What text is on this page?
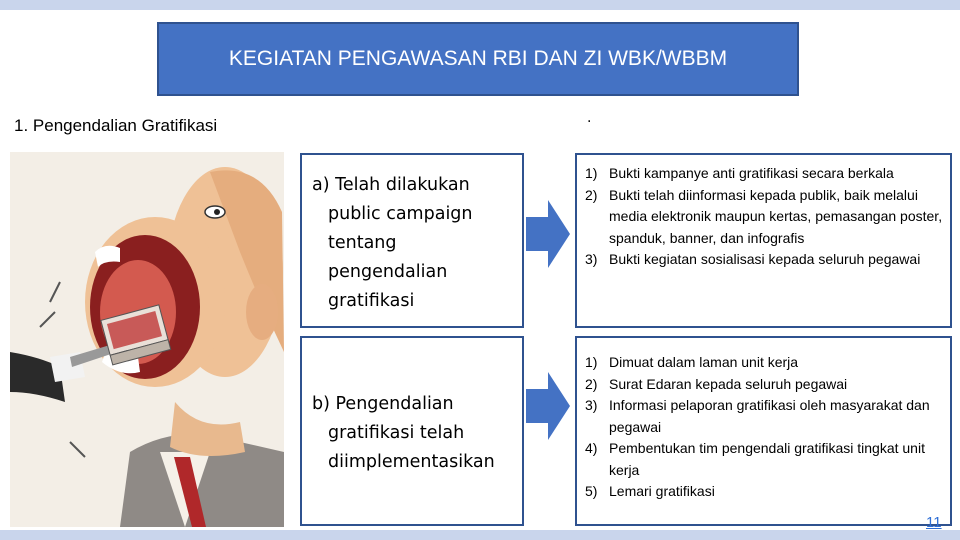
KEGIATAN PENGAWASAN RBI DAN ZI WBK/WBBM
.
1. Pengendalian Gratifikasi
a) Telah dilakukan
public campaign
tentang
pengendalian
gratifikasi
1) Bukti kampanye anti gratifikasi secara berkala
2) Bukti telah diinformasi kepada publik, baik melalui media elektronik maupun kertas, pemasangan poster, spanduk, banner, dan infografis
3) Bukti kegiatan sosialisasi kepada seluruh pegawai
b) Pengendalian
gratifikasi telah
diimplementasikan
1) Dimuat dalam laman unit kerja
2) Surat Edaran kepada seluruh pegawai
3) Informasi pelaporan gratifikasi oleh masyarakat dan pegawai
4) Pembentukan tim pengendali gratifikasi tingkat unit kerja
5) Lemari gratifikasi
11
